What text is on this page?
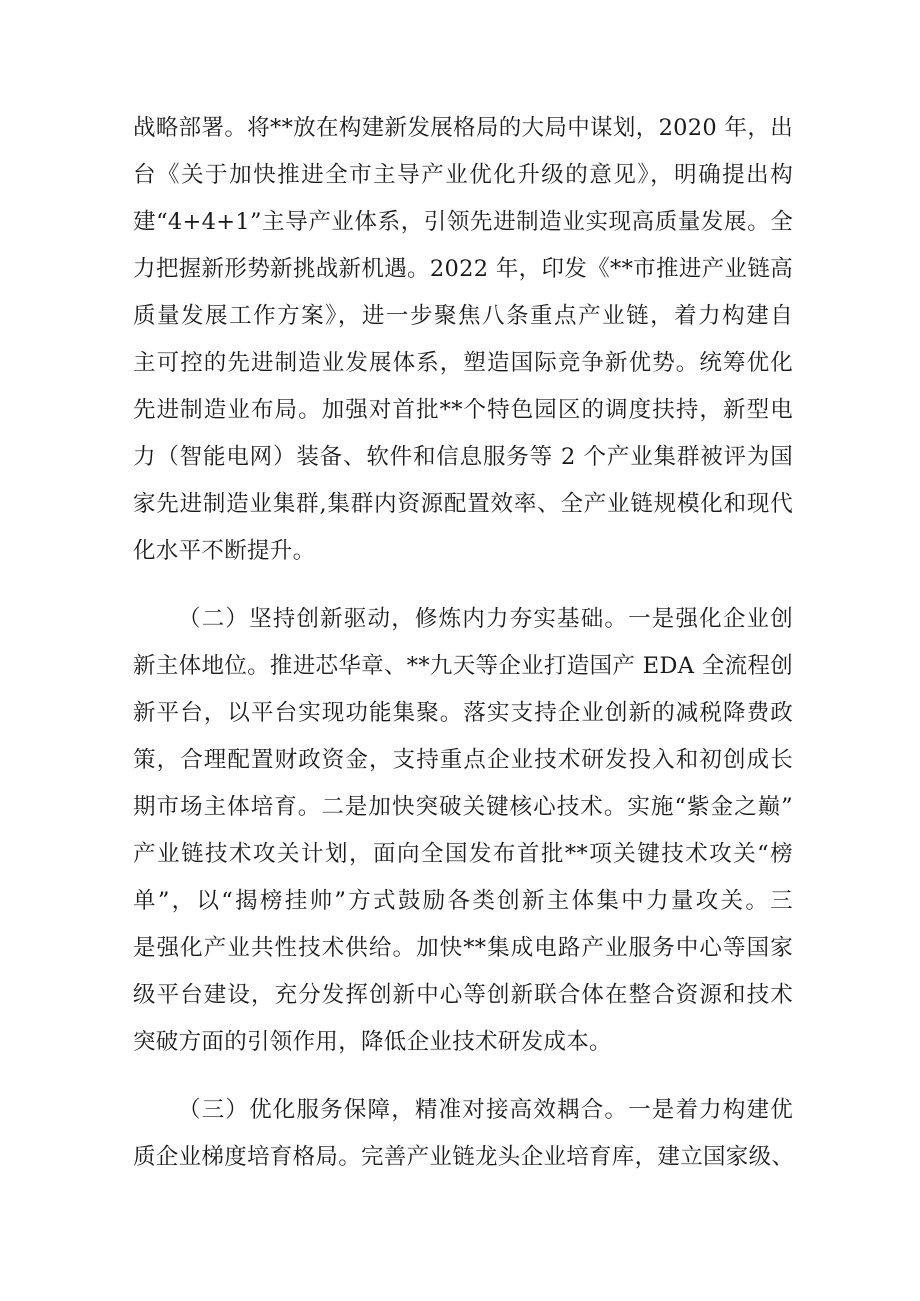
战略部署。将**放在构建新发展格局的大局中谋划，2020 年，出
台《关于加快推进全市主导产业优化升级的意见》，明确提出构
建“4+4+1”主导产业体系，引领先进制造业实现高质量发展。全
力把握新形势新挑战新机遇。2022 年，印发《**市推进产业链高
质量发展工作方案》，进一步聚焦八条重点产业链，着力构建自
主可控的先进制造业发展体系，塑造国际竞争新优势。统筹优化
先进制造业布局。加强对首批**个特色园区的调度扶持，新型电
力（智能电网）装备、软件和信息服务等 2 个产业集群被评为国
家先进制造业集群,集群内资源配置效率、全产业链规模化和现代
化水平不断提升。
（二）坚持创新驱动，修炼内力夯实基础。一是强化企业创
新主体地位。推进芯华章、**九天等企业打造国产 EDA 全流程创
新平台，以平台实现功能集聚。落实支持企业创新的减税降费政
策，合理配置财政资金，支持重点企业技术研发投入和初创成长
期市场主体培育。二是加快突破关键核心技术。实施“紫金之巅”
产业链技术攻关计划，面向全国发布首批**项关键技术攻关“榜
单”，以“揭榜挂帅”方式鼓励各类创新主体集中力量攻关。三
是强化产业共性技术供给。加快**集成电路产业服务中心等国家
级平台建设，充分发挥创新中心等创新联合体在整合资源和技术
突破方面的引领作用，降低企业技术研发成本。
（三）优化服务保障，精准对接高效耦合。一是着力构建优
质企业梯度培育格局。完善产业链龙头企业培育库，建立国家级、
